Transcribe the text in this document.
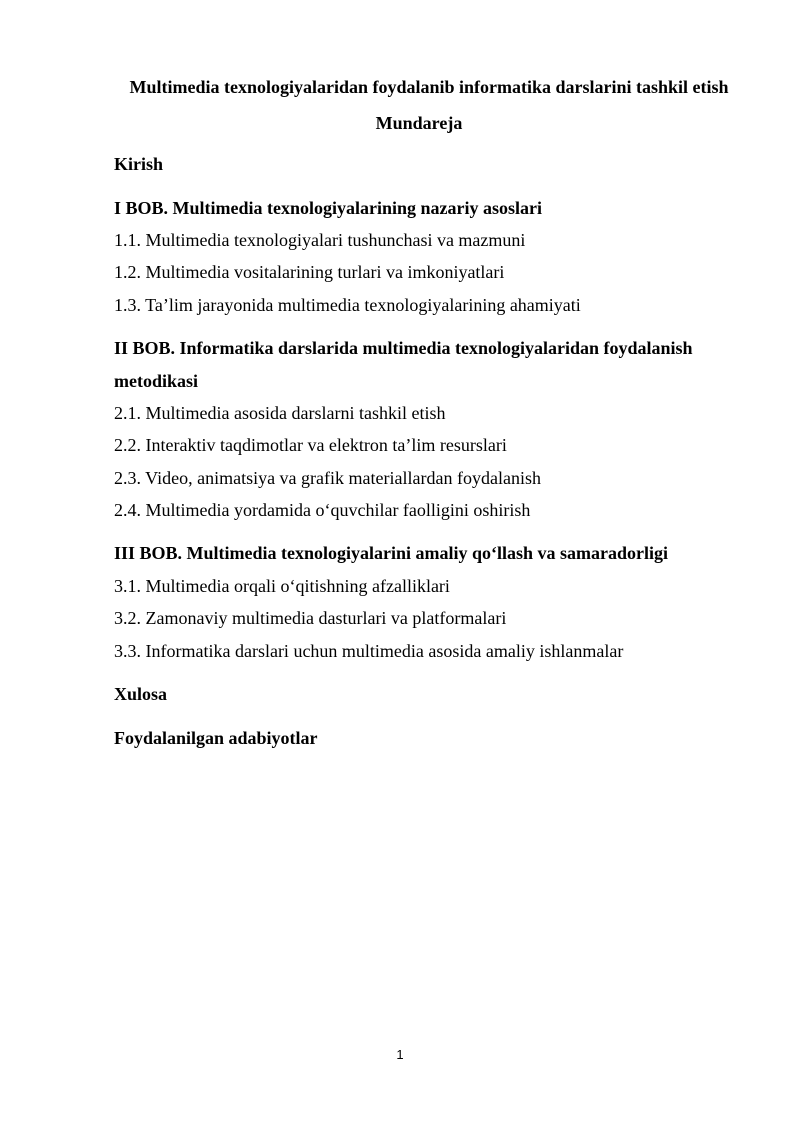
Multimedia texnologiyalaridan foydalanib informatika darslarini tashkil etish
Mundareja
Kirish
I BOB. Multimedia texnologiyalarining nazariy asoslari
1.1. Multimedia texnologiyalari tushunchasi va mazmuni
1.2. Multimedia vositalarining turlari va imkoniyatlari
1.3. Ta’lim jarayonida multimedia texnologiyalarining ahamiyati
II BOB. Informatika darslarida multimedia texnologiyalaridan foydalanish metodikasi
2.1. Multimedia asosida darslarni tashkil etish
2.2. Interaktiv taqdimotlar va elektron ta’lim resurslari
2.3. Video, animatsiya va grafik materiallardan foydalanish
2.4. Multimedia yordamida o‘quvchilar faolligini oshirish
III BOB. Multimedia texnologiyalarini amaliy qo‘llash va samaradorligi
3.1. Multimedia orqali o‘qitishning afzalliklari
3.2. Zamonaviy multimedia dasturlari va platformalari
3.3. Informatika darslari uchun multimedia asosida amaliy ishlanmalar
Xulosa
Foydalanilgan adabiyotlar
1
